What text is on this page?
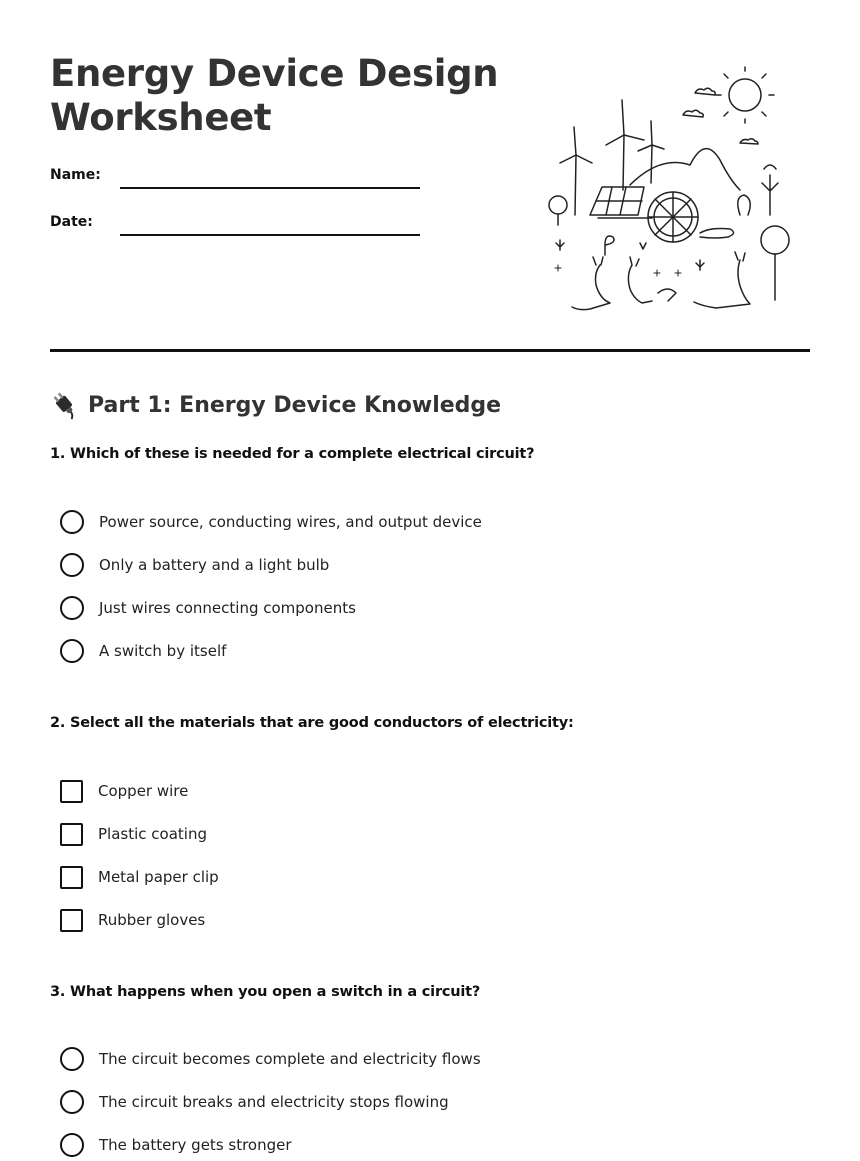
Energy Device Design
Worksheet
Name:
Date:
Part 1: Energy Device Knowledge
1. Which of these is needed for a complete electrical circuit?
Power source, conducting wires, and output device
Only a battery and a light bulb
Just wires connecting components
A switch by itself
2. Select all the materials that are good conductors of electricity:
Copper wire
Plastic coating
Metal paper clip
Rubber gloves
3. What happens when you open a switch in a circuit?
The circuit becomes complete and electricity flows
The circuit breaks and electricity stops flowing
The battery gets stronger
